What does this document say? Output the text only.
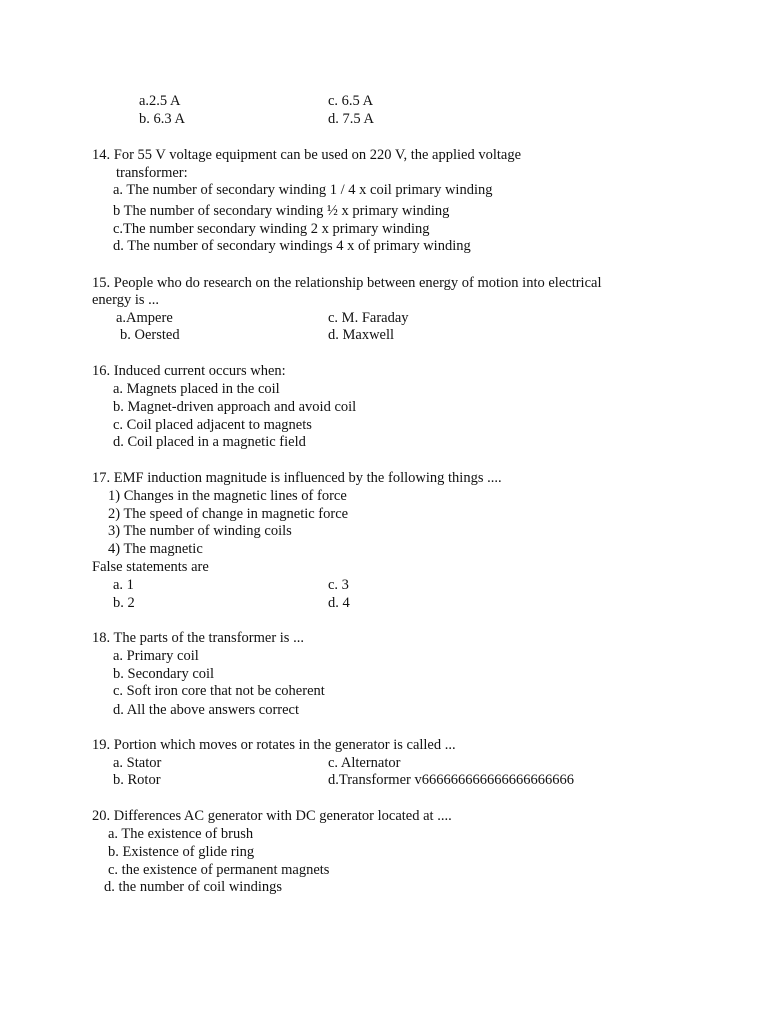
a.2.5 A	c. 6.5 A
b. 6.3 A	d. 7.5 A
14. For 55 V voltage equipment can be used on 220 V, the applied voltage
transformer:
a. The number of secondary winding 1 / 4 x coil primary winding
b The number of secondary winding ½ x primary winding
c.The number secondary winding 2 x primary winding
d. The number of secondary windings 4 x of primary winding
15. People who do research on the relationship between energy of motion into electrical
energy is ...
a.Ampere	c. M. Faraday
b. Oersted	d. Maxwell
16. Induced current occurs when:
a. Magnets placed in the coil
b. Magnet-driven approach and avoid coil
c. Coil placed adjacent to magnets
d. Coil placed in a magnetic field
17. EMF induction magnitude is influenced by the following things ....
1) Changes in the magnetic lines of force
2) The speed of change in magnetic force
3) The number of winding coils
4) The magnetic
False statements are
a. 1	c. 3
b. 2	d. 4
18. The parts of the transformer is ...
a. Primary coil
b. Secondary coil
c. Soft iron core that not be coherent
d. All the above answers correct
19. Portion which moves or rotates in the generator is called ...
a. Stator	c. Alternator
b. Rotor	d.Transformer v666666666666666666666
20. Differences AC generator with DC generator located at ....
a. The existence of brush
b. Existence of glide ring
c. the existence of permanent magnets
d. the number of coil windings
